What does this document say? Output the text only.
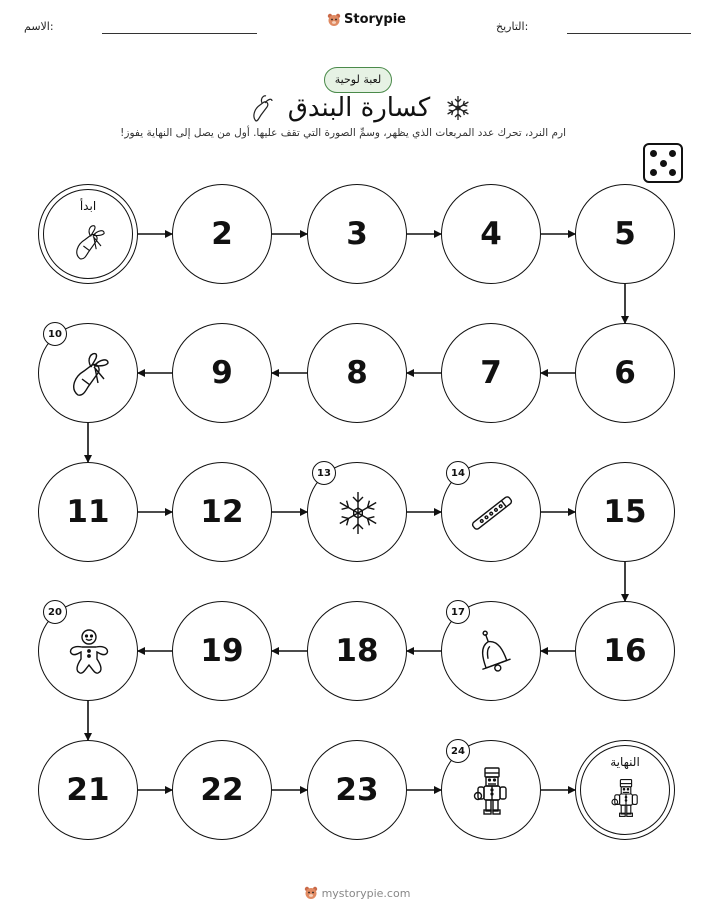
الاسم:	Storypie	التاريخ:
لعبة لوحية
كسارة البندق
ارم النرد، تحرك عدد المربعات الذي يظهر، وسمِّ الصورة التي تقف عليها. أول من يصل إلى النهاية يفوز!
ابدأ
2	3	4	5
6
7
8
9
10
11	12
13	14
15
16
17
18
19
20
21	22	23
24
النهاية
mystorypie.com
